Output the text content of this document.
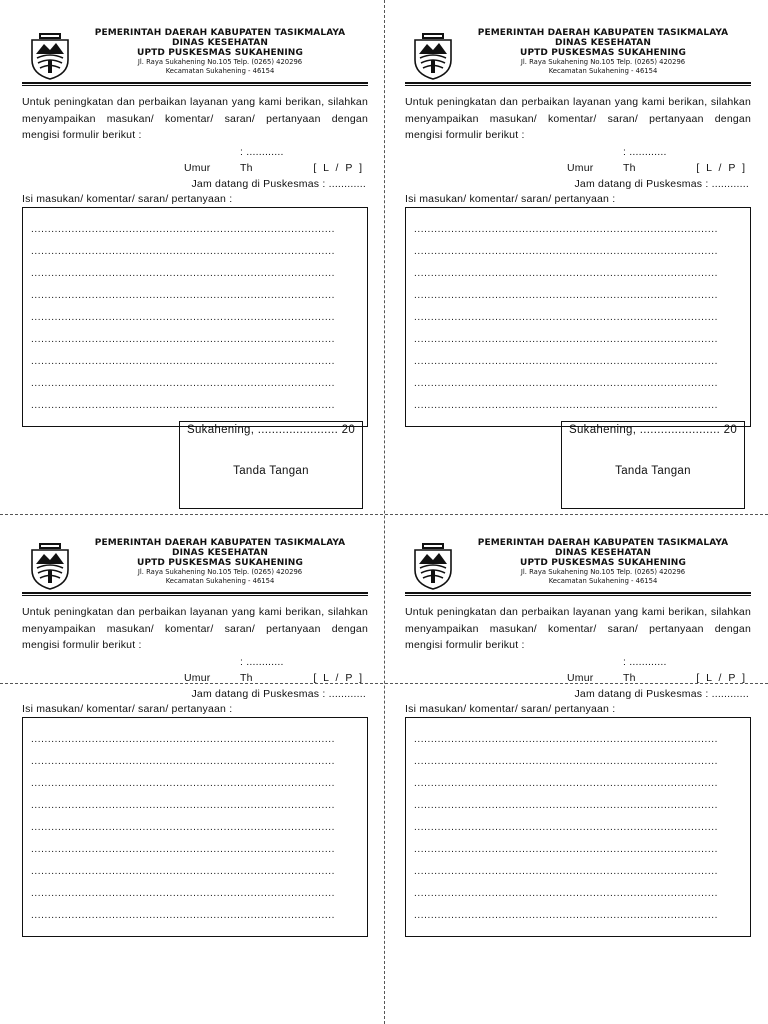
PEMERINTAH DAERAH KABUPATEN TASIKMALAYA
DINAS KESEHATAN
UPTD PUSKESMAS SUKAHENING
Jl. Raya Sukahening No.105 Telp. (0265) 420296
Kecamatan Sukahening - 46154
Untuk peningkatan dan perbaikan layanan yang kami berikan, silahkan menyampaikan masukan/ komentar/ saran/ pertanyaan dengan mengisi formulir berikut :
Umur: ............ Th	[ L / P ]
Jam datang di Puskesmas : ............
Isi masukan/ komentar/ saran/ pertanyaan :
..........................................................................................
..........................................................................................
..........................................................................................
..........................................................................................
..........................................................................................
..........................................................................................
..........................................................................................
..........................................................................................
..........................................................................................
Sukahening, ....................... 20
Tanda Tangan
Sukahening, ....................... 20
Tanda Tangan
PEMERINTAH DAERAH KABUPATEN TASIKMALAYA
DINAS KESEHATAN
UPTD PUSKESMAS SUKAHENING
Jl. Raya Sukahening No.105 Telp. (0265) 420296
Kecamatan Sukahening - 46154
Untuk peningkatan dan perbaikan layanan yang kami berikan, silahkan menyampaikan masukan/ komentar/ saran/ pertanyaan dengan mengisi formulir berikut :
Umur: ............ Th	[ L / P ]
Jam datang di Puskesmas : ............
Isi masukan/ komentar/ saran/ pertanyaan :
..........................................................................................
..........................................................................................
..........................................................................................
..........................................................................................
..........................................................................................
..........................................................................................
..........................................................................................
..........................................................................................
..........................................................................................
PEMERINTAH DAERAH KABUPATEN TASIKMALAYA
DINAS KESEHATAN
UPTD PUSKESMAS SUKAHENING
Jl. Raya Sukahening No.105 Telp. (0265) 420296
Kecamatan Sukahening - 46154
Untuk peningkatan dan perbaikan layanan yang kami berikan, silahkan menyampaikan masukan/ komentar/ saran/ pertanyaan dengan mengisi formulir berikut :
Umur: ............ Th	[ L / P ]
Jam datang di Puskesmas : ............
Isi masukan/ komentar/ saran/ pertanyaan :
..........................................................................................
..........................................................................................
..........................................................................................
..........................................................................................
..........................................................................................
..........................................................................................
..........................................................................................
..........................................................................................
..........................................................................................
PEMERINTAH DAERAH KABUPATEN TASIKMALAYA
DINAS KESEHATAN
UPTD PUSKESMAS SUKAHENING
Jl. Raya Sukahening No.105 Telp. (0265) 420296
Kecamatan Sukahening - 46154
Untuk peningkatan dan perbaikan layanan yang kami berikan, silahkan menyampaikan masukan/ komentar/ saran/ pertanyaan dengan mengisi formulir berikut :
Umur: ............ Th	[ L / P ]
Jam datang di Puskesmas : ............
Isi masukan/ komentar/ saran/ pertanyaan :
..........................................................................................
..........................................................................................
..........................................................................................
..........................................................................................
..........................................................................................
..........................................................................................
..........................................................................................
..........................................................................................
..........................................................................................
